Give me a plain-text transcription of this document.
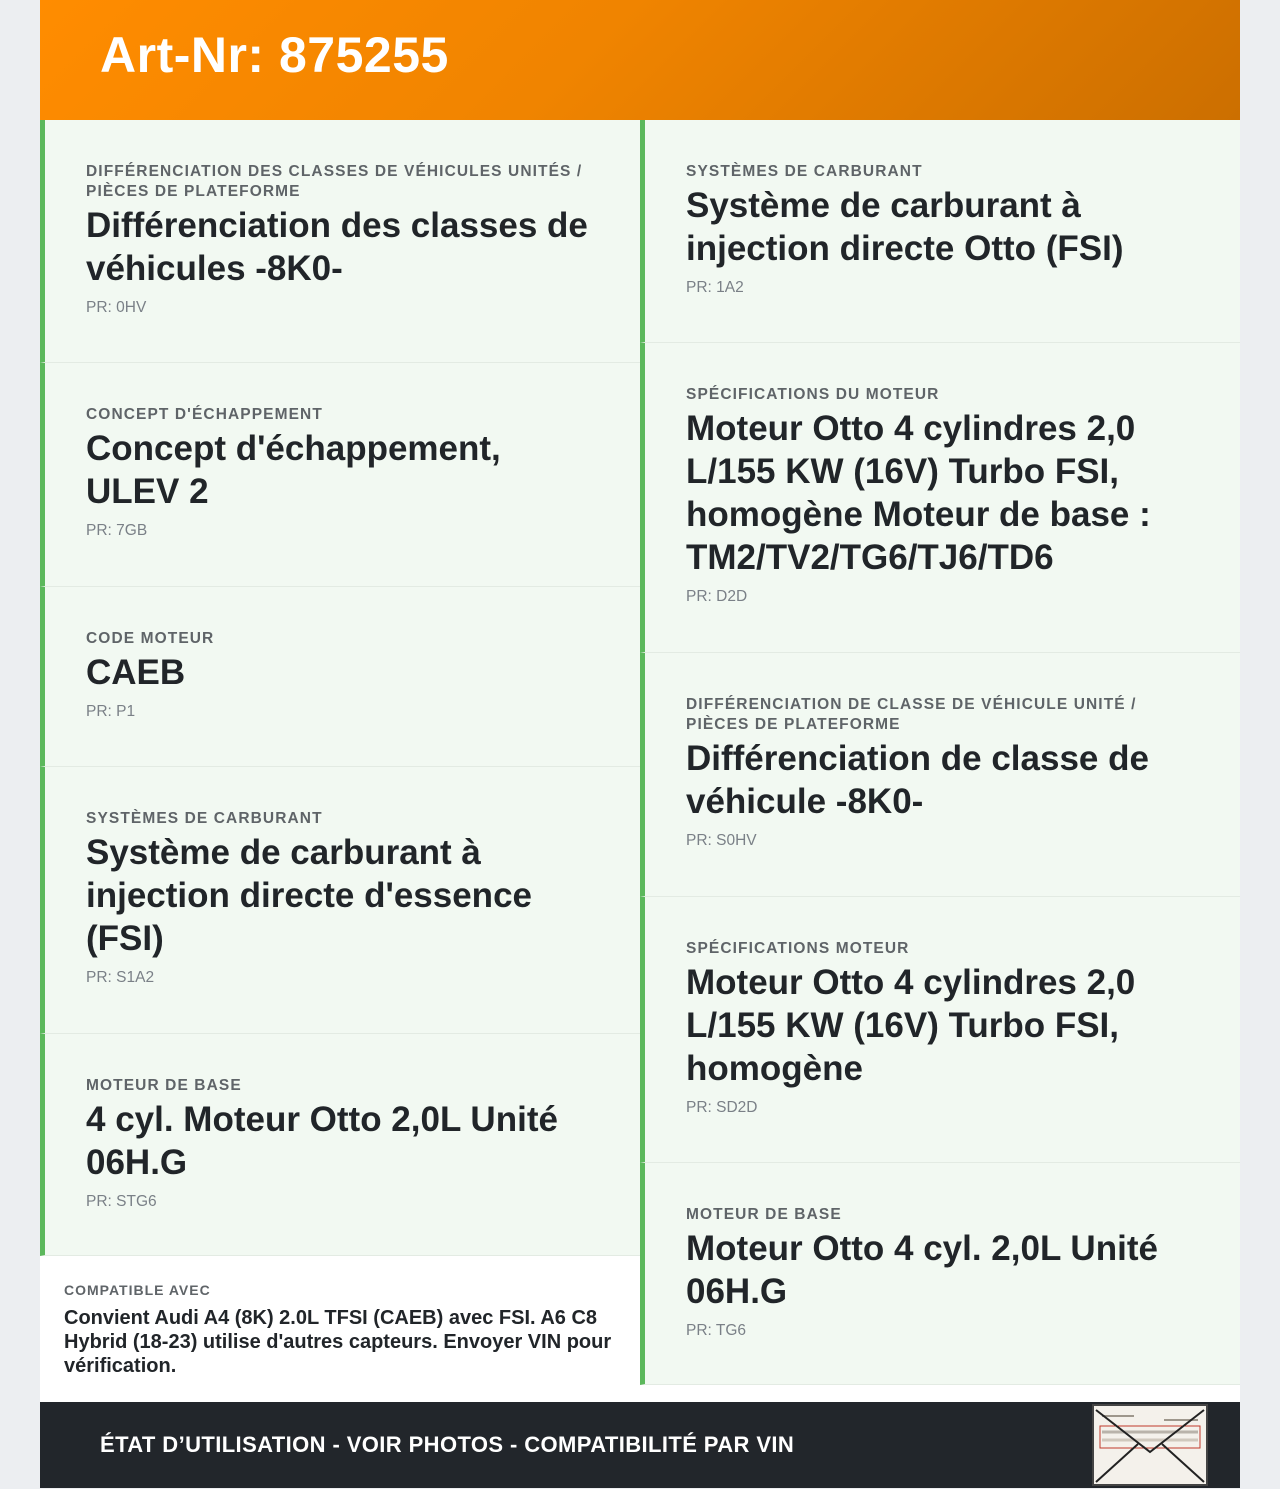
Art-Nr: 875255
DIFFÉRENCIATION DES CLASSES DE VÉHICULES UNITÉS / PIÈCES DE PLATEFORME
Différenciation des classes de véhicules -8K0-
PR: 0HV
CONCEPT D'ÉCHAPPEMENT
Concept d'échappement, ULEV 2
PR: 7GB
CODE MOTEUR
CAEB
PR: P1
SYSTÈMES DE CARBURANT
Système de carburant à injection directe d'essence (FSI)
PR: S1A2
MOTEUR DE BASE
4 cyl. Moteur Otto 2,0L Unité 06H.G
PR: STG6
SYSTÈMES DE CARBURANT
Système de carburant à injection directe Otto (FSI)
PR: 1A2
SPÉCIFICATIONS DU MOTEUR
Moteur Otto 4 cylindres 2,0 L/155 KW (16V) Turbo FSI, homogène Moteur de base : TM2/TV2/TG6/TJ6/TD6
PR: D2D
DIFFÉRENCIATION DE CLASSE DE VÉHICULE UNITÉ / PIÈCES DE PLATEFORME
Différenciation de classe de véhicule -8K0-
PR: S0HV
SPÉCIFICATIONS MOTEUR
Moteur Otto 4 cylindres 2,0 L/155 KW (16V) Turbo FSI, homogène
PR: SD2D
MOTEUR DE BASE
Moteur Otto 4 cyl. 2,0L Unité 06H.G
PR: TG6
COMPATIBLE AVEC
Convient Audi A4 (8K) 2.0L TFSI (CAEB) avec FSI. A6 C8 Hybrid (18-23) utilise d'autres capteurs. Envoyer VIN pour vérification.
ÉTAT D’UTILISATION - VOIR PHOTOS - COMPATIBILITÉ PAR VIN
